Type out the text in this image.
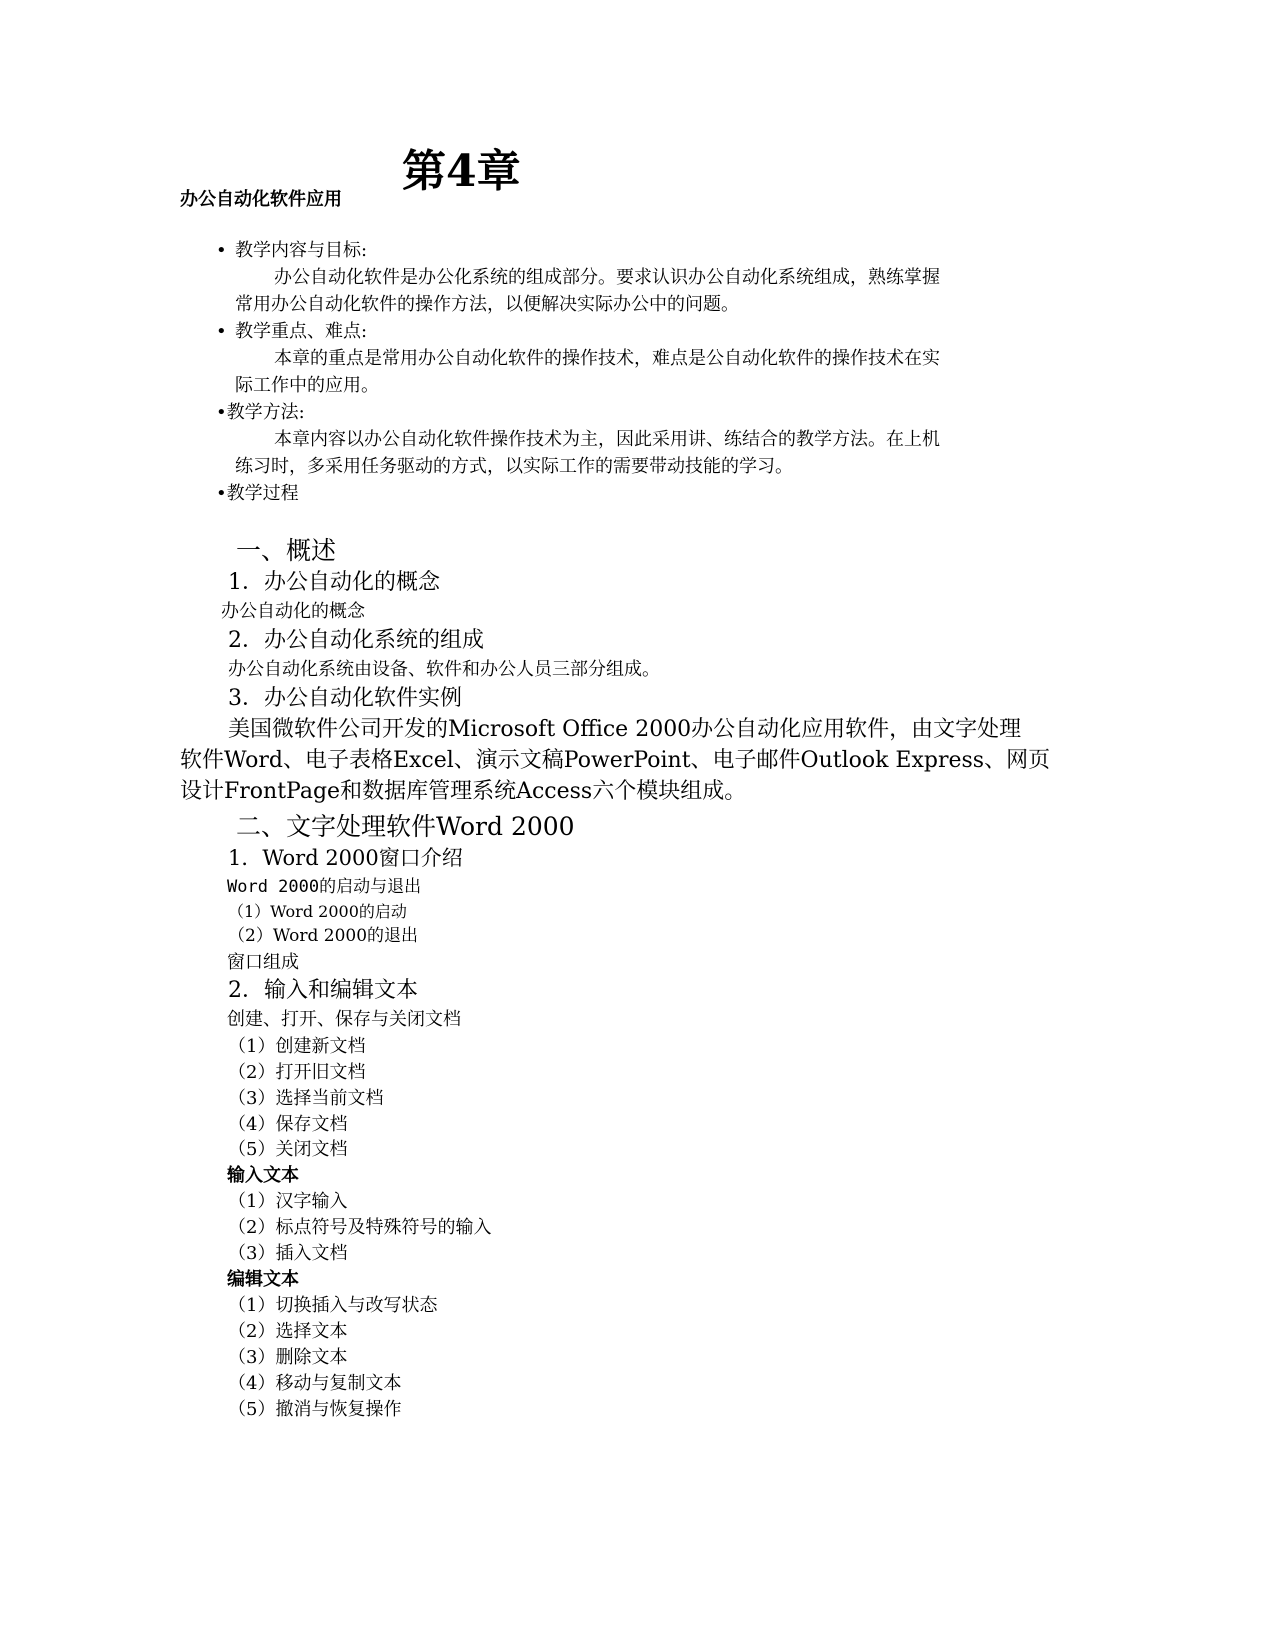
第4章
办公自动化软件应用
• 教学内容与目标:
办公自动化软件是办公化系统的组成部分。要求认识办公自动化系统组成，熟练掌握
常用办公自动化软件的操作方法，以便解决实际办公中的问题。
• 教学重点、难点:
本章的重点是常用办公自动化软件的操作技术，难点是公自动化软件的操作技术在实
际工作中的应用。
•教学方法:
本章内容以办公自动化软件操作技术为主，因此采用讲、练结合的教学方法。在上机
练习时，多采用任务驱动的方式，以实际工作的需要带动技能的学习。
•教学过程
一、概述
1．办公自动化的概念
办公自动化的概念
2．办公自动化系统的组成
办公自动化系统由设备、软件和办公人员三部分组成。
3．办公自动化软件实例
美国微软件公司开发的Microsoft Office 2000办公自动化应用软件，由文字处理
软件Word、电子表格Excel、演示文稿PowerPoint、电子邮件Outlook Express、网页
设计FrontPage和数据库管理系统Access六个模块组成。
二、文字处理软件Word 2000
1．Word 2000窗口介绍
Word 2000的启动与退出
（1）Word 2000的启动
（2）Word 2000的退出
窗口组成
2．输入和编辑文本
创建、打开、保存与关闭文档
（1）创建新文档
（2）打开旧文档
（3）选择当前文档
（4）保存文档
（5）关闭文档
输入文本
（1）汉字输入
（2）标点符号及特殊符号的输入
（3）插入文档
编辑文本
（1）切换插入与改写状态
（2）选择文本
（3）删除文本
（4）移动与复制文本
（5）撤消与恢复操作
